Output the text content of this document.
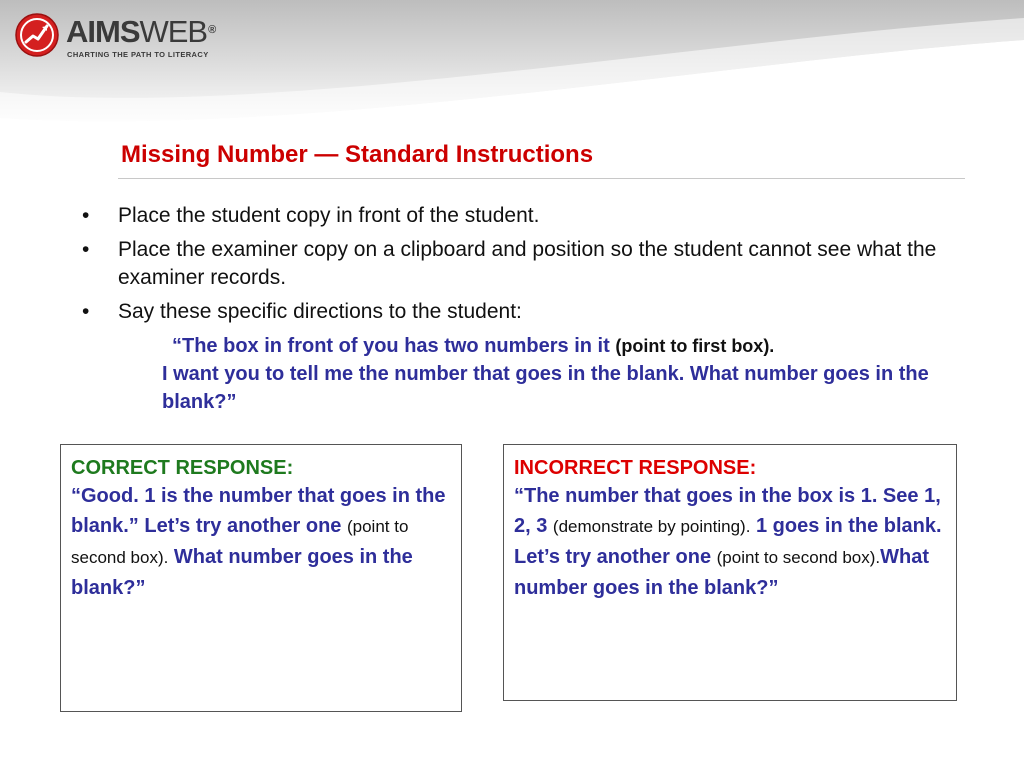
AIMSWEB®
CHARTING THE PATH TO LITERACY
Missing Number — Standard Instructions
• Place the student copy in front of the student.
• Place the examiner copy on a clipboard and position so the student cannot see what the examiner records.
• Say these specific directions to the student:
“The box in front of you has two numbers in it (point to first box).
I want you to tell me the number that goes in the blank. What number goes in the blank?”
CORRECT RESPONSE:
“Good. 1 is the number that goes in the blank.” Let’s try another one (point to second box). What number goes in the blank?”
INCORRECT RESPONSE:
“The number that goes in the box is 1. See 1, 2, 3 (demonstrate by pointing). 1 goes in the blank. Let’s try another one (point to second box).What number goes in the blank?”
